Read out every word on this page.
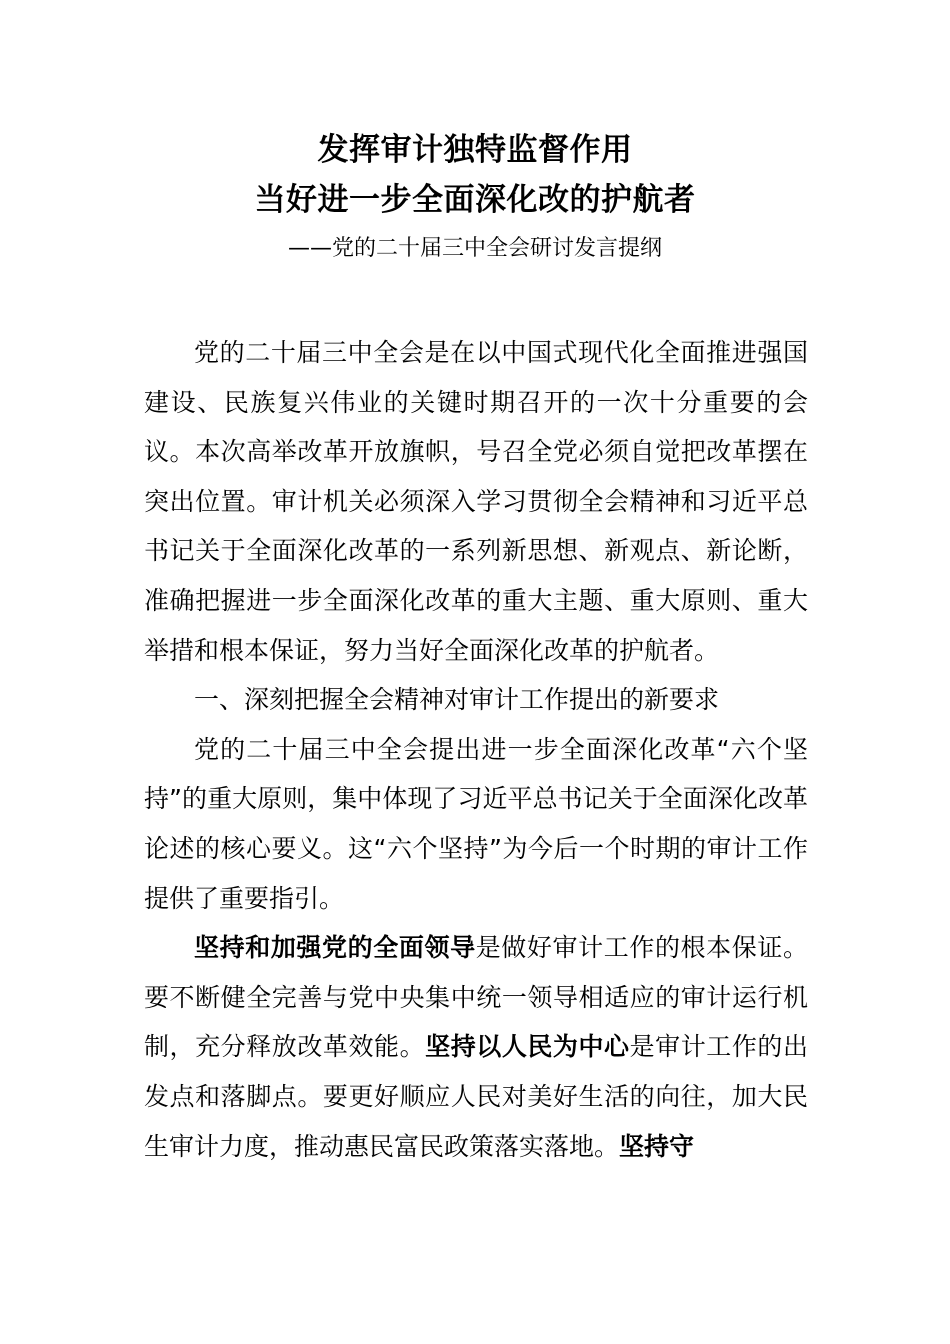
发挥审计独特监督作用
当好进一步全面深化改的护航者
——党的二十届三中全会研讨发言提纲

党的二十届三中全会是在以中国式现代化全面推进强国建设、民族复兴伟业的关键时期召开的一次十分重要的会议。本次高举改革开放旗帜，号召全党必须自觉把改革摆在突出位置。审计机关必须深入学习贯彻全会精神和习近平总书记关于全面深化改革的一系列新思想、新观点、新论断，准确把握进一步全面深化改革的重大主题、重大原则、重大举措和根本保证，努力当好全面深化改革的护航者。

一、深刻把握全会精神对审计工作提出的新要求

党的二十届三中全会提出进一步全面深化改革“六个坚持”的重大原则，集中体现了习近平总书记关于全面深化改革论述的核心要义。这“六个坚持”为今后一个时期的审计工作提供了重要指引。

坚持和加强党的全面领导是做好审计工作的根本保证。要不断健全完善与党中央集中统一领导相适应的审计运行机制，充分释放改革效能。坚持以人民为中心是审计工作的出发点和落脚点。要更好顺应人民对美好生活的向往，加大民生审计力度，推动惠民富民政策落实落地。坚持守
